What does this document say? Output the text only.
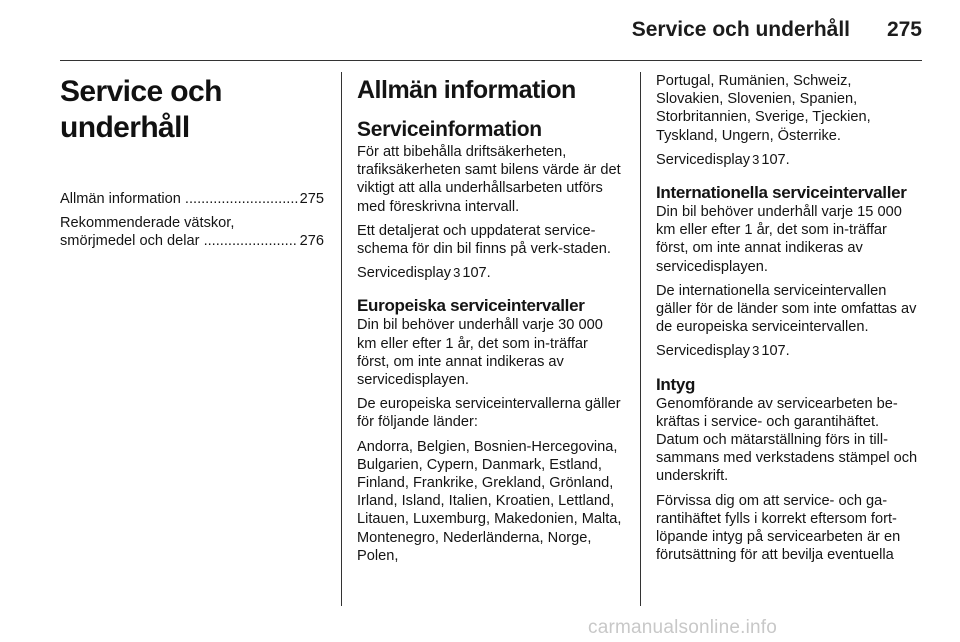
Service och underhåll 275
Service och underhåll
Allmän information .....	275
Rekommenderade vätskor,
smörjmedel och delar .....	276
Allmän information
Serviceinformation

För att bibehålla driftsäkerheten, trafiksäkerheten samt bilens värde är det viktigt att alla underhållsarbeten utförs med föreskrivna intervall.

Ett detaljerat och uppdaterat service-schema för din bil finns på verk-staden.

Servicedisplay 3 107.

Europeiska serviceintervaller

Din bil behöver underhåll varje 30 000 km eller efter 1 år, det som in-träffar först, om inte annat indikeras av servicedisplayen.

De europeiska serviceintervallerna gäller för följande länder:

Andorra, Belgien, Bosnien-Hercegovina, Bulgarien, Cypern, Danmark, Estland, Finland, Frankrike, Grekland, Grönland, Irland, Island, Italien, Kroatien, Lettland, Litauen, Luxemburg, Makedonien, Malta, Montenegro, Nederländerna, Norge, Polen,

Portugal, Rumänien, Schweiz, Slovakien, Slovenien, Spanien, Storbritannien, Sverige, Tjeckien, Tyskland, Ungern, Österrike.

Servicedisplay 3 107.

Internationella serviceintervaller

Din bil behöver underhåll varje 15 000 km eller efter 1 år, det som in-träffar först, om inte annat indikeras av servicedisplayen.

De internationella serviceintervallen gäller för de länder som inte omfattas av de europeiska serviceintervallen.

Servicedisplay 3 107.

Intyg

Genomförande av servicearbeten be-kräftas i service- och garantihäftet. Datum och mätarställning förs in till-sammans med verkstadens stämpel och underskrift.

Förvissa dig om att service- och ga-rantihäftet fylls i korrekt eftersom fort-löpande intyg på servicearbeten är en förutsättning för att bevilja eventuella

carmanualsonline.info
